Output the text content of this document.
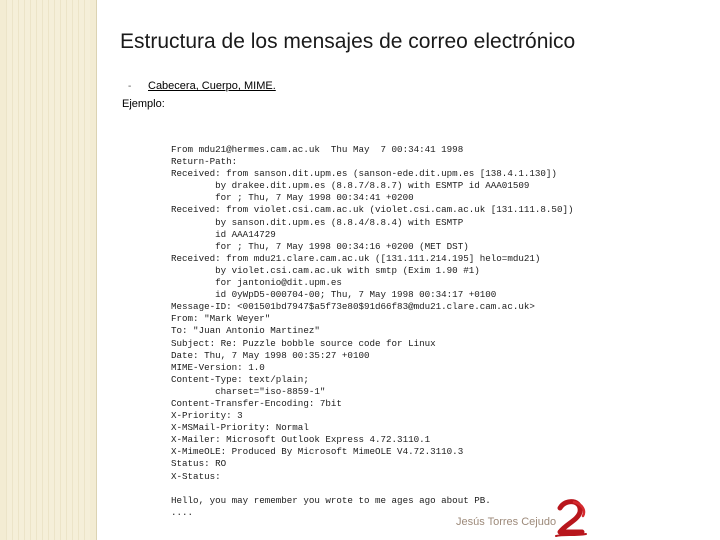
Estructura de los mensajes de correo electrónico
- Cabecera, Cuerpo, MIME.
Ejemplo:
From mdu21@hermes.cam.ac.uk  Thu May  7 00:34:41 1998
Return-Path:
Received: from sanson.dit.upm.es (sanson-ede.dit.upm.es [138.4.1.130])
by drakee.dit.upm.es (8.8.7/8.8.7) with ESMTP id AAA01509
for ; Thu, 7 May 1998 00:34:41 +0200
Received: from violet.csi.cam.ac.uk (violet.csi.cam.ac.uk [131.111.8.50])
by sanson.dit.upm.es (8.8.4/8.8.4) with ESMTP
id AAA14729
for ; Thu, 7 May 1998 00:34:16 +0200 (MET DST)
Received: from mdu21.clare.cam.ac.uk ([131.111.214.195] helo=mdu21)
by violet.csi.cam.ac.uk with smtp (Exim 1.90 #1)
for jantonio@dit.upm.es
id 0yWpD5-000704-00; Thu, 7 May 1998 00:34:17 +0100
Message-ID: <001501bd7947$a5f73e80$91d66f83@mdu21.clare.cam.ac.uk>
From: "Mark Weyer"
To: "Juan Antonio Martinez"
Subject: Re: Puzzle bobble source code for Linux
Date: Thu, 7 May 1998 00:35:27 +0100
MIME-Version: 1.0
Content-Type: text/plain;
charset="iso-8859-1"
Content-Transfer-Encoding: 7bit
X-Priority: 3
X-MSMail-Priority: Normal
X-Mailer: Microsoft Outlook Express 4.72.3110.1
X-MimeOLE: Produced By Microsoft MimeOLE V4.72.3110.3
Status: RO
X-Status:
Hello, you may remember you wrote to me ages ago about PB.
....
Jesús Torres Cejudo
